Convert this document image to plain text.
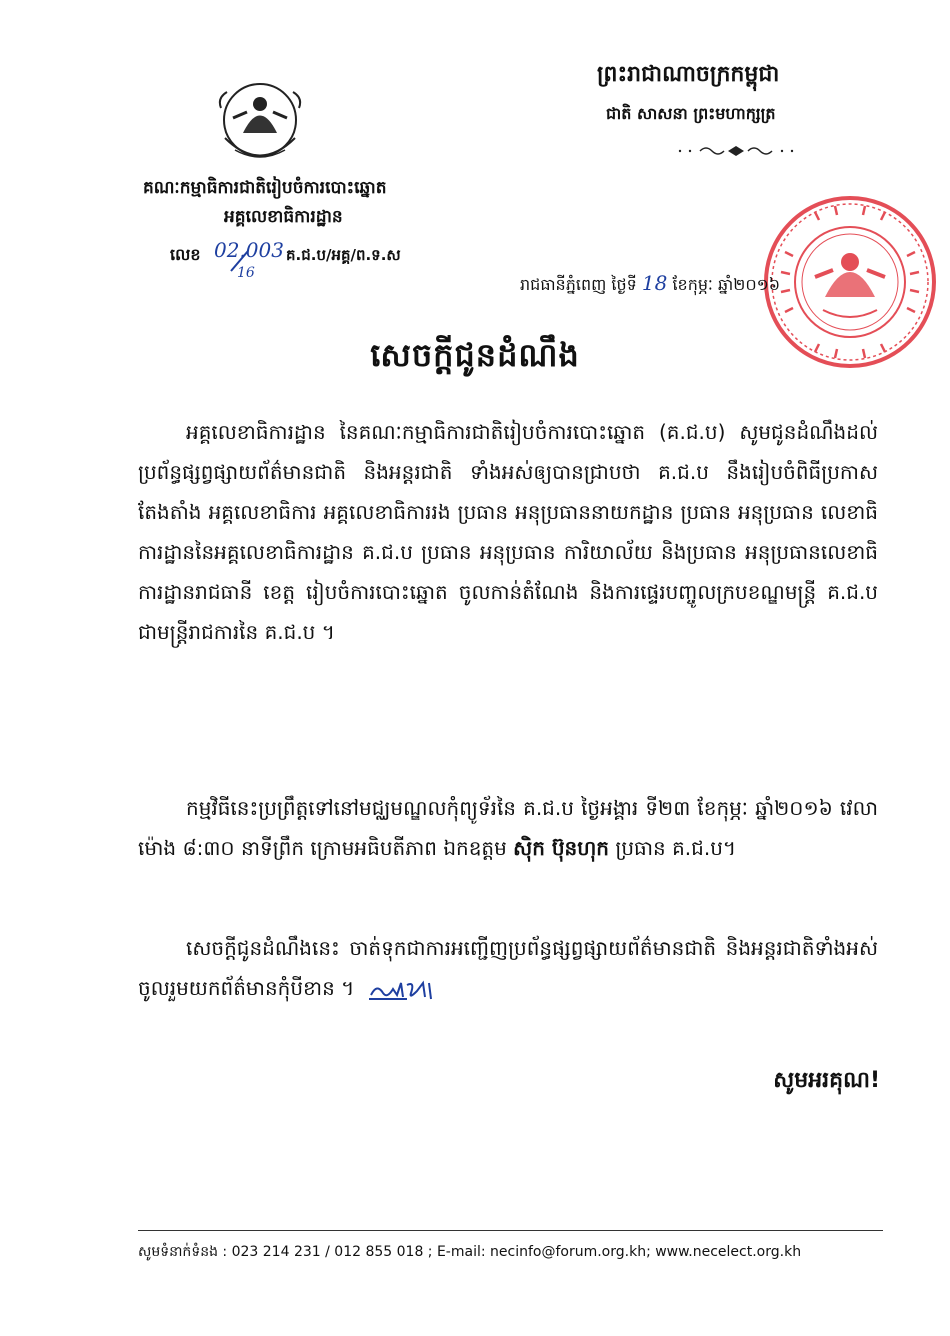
គណៈកម្មាធិការជាតិរៀបចំការបោះឆ្នោត
អគ្គលេខាធិការដ្ឋាន
លេខ 02.003
16
គ.ជ.ប/អគ្គ/ព.ទ.ស
ព្រះរាជាណាចក្រកម្ពុជា
ជាតិ សាសនា ព្រះមហាក្សត្រ
រាជធានីភ្នំពេញ ថ្ងៃទី 18 ខែកុម្ភៈ ឆ្នាំ២០១៦
សេចក្តីជូនដំណឹង
អគ្គលេខាធិការដ្ឋាន នៃគណៈកម្មាធិការជាតិរៀបចំការបោះឆ្នោត (គ.ជ.ប) សូមជូនដំណឹងដល់ប្រព័ន្ធផ្សព្វផ្សាយព័ត៌មានជាតិ និងអន្តរជាតិ ទាំងអស់ឲ្យបានជ្រាបថា គ.ជ.ប នឹងរៀបចំពិធីប្រកាសតែងតាំង អគ្គលេខាធិការ អគ្គលេខាធិការរង ប្រធាន អនុប្រធាននាយកដ្ឋាន ប្រធាន អនុប្រធាន លេខាធិការដ្ឋាននៃអគ្គលេខាធិការដ្ឋាន គ.ជ.ប ប្រធាន អនុប្រធាន ការិយាល័យ និងប្រធាន អនុប្រធានលេខាធិការដ្ឋានរាជធានី ខេត្ត រៀបចំការបោះឆ្នោត ចូលកាន់តំណែង និងការផ្ទេរបញ្ចូលក្របខណ្ឌមន្ត្រី គ.ជ.ប ជាមន្ត្រីរាជការនៃ គ.ជ.ប ។
កម្មវិធីនេះប្រព្រឹត្តទៅនៅមជ្ឈមណ្ឌលកុំព្យូទ័រនៃ គ.ជ.ប ថ្ងៃអង្គារ ទី២៣ ខែកុម្ភៈ ឆ្នាំ២០១៦ វេលាម៉ោង ៨:៣០ នាទីព្រឹក ក្រោមអធិបតីភាព ឯកឧត្តម ស៊ិក ប៊ុនហុក ប្រធាន គ.ជ.ប។
សេចក្តីជូនដំណឹងនេះ ចាត់ទុកជាការអញ្ជើញប្រព័ន្ធផ្សព្វផ្សាយព័ត៌មានជាតិ និងអន្តរជាតិទាំងអស់ ចូលរួមយកព័ត៌មានកុំបីខាន ។
សូមអរគុណ!
សូមទំនាក់ទំនង : 023 214 231 / 012 855 018 ; E-mail: necinfo@forum.org.kh; www.necelect.org.kh
